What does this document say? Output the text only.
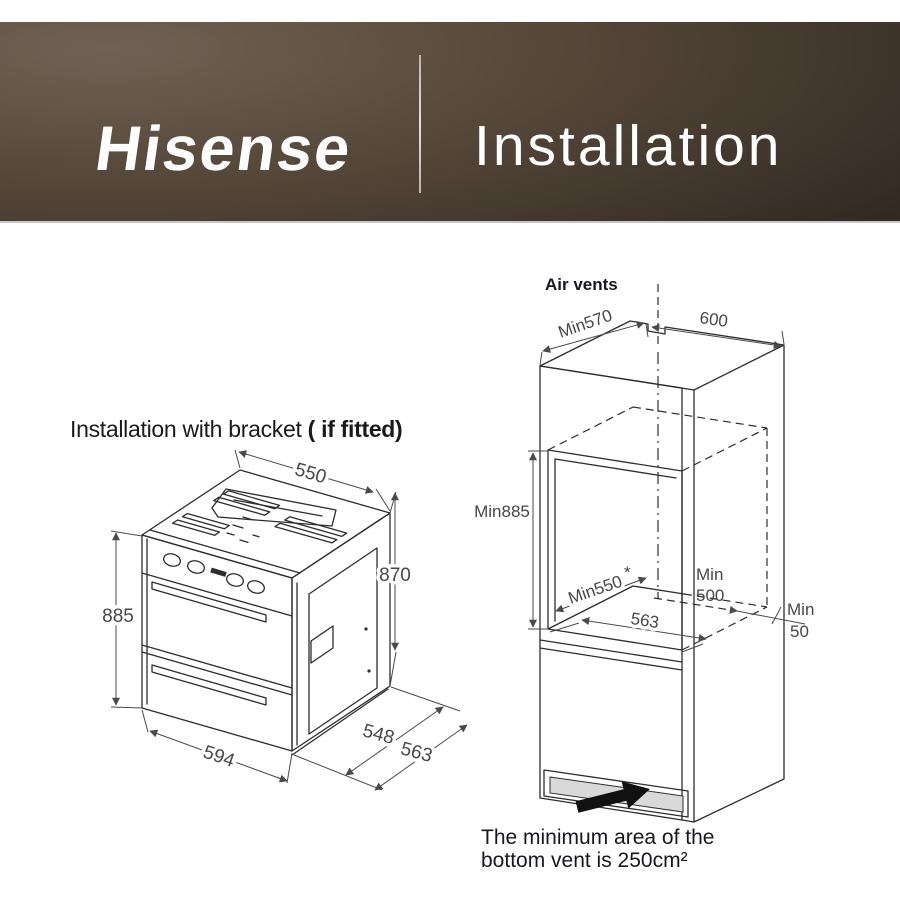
Hisense Installation
Installation with bracket ( if fitted)
550
870
885
594
548
563
Air vents
Min570	600
Min885
Min550 *	Min
500
563	Min
50
The minimum area of the
bottom vent is 250cm²
